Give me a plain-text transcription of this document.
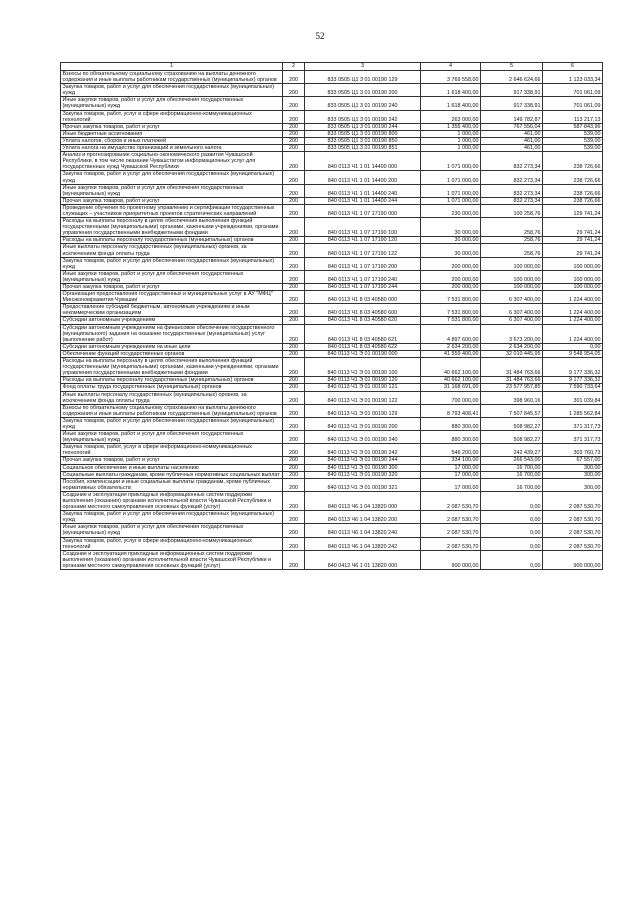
52
1	2	3	4	5	6
Взносы по обязательному социальному страхованию на выплаты денежного содержания и иные выплаты работникам государственных (муниципальных) органов	200	833 0505 Ц1 3 01 00190 129	3 769 558,00	2 646 624,66	1 123 033,34
Закупка товаров, работ и услуг для обеспечения государственных (муниципальных) нужд	200	833 0505 Ц1 3 01 00190 200	1 618 400,00	917 338,91	701 061,09
Иные закупки товаров, работ и услуг для обеспечения государственных (муниципальных) нужд	200	833 0505 Ц1 3 01 00190 240	1 618 400,00	917 338,91	701 061,09
Закупка товаров, работ, услуг в сфере информационно-коммуникационных технологий	200	833 0505 Ц1 3 01 00190 242	263 000,00	149 782,87	113 217,13
Прочая закупка товаров, работ и услуг	200	833 0505 Ц1 3 01 00190 244	1 355 400,00	767 556,04	587 843,96
Иные бюджетные ассигнования	200	833 0505 Ц1 3 01 00190 800	1 000,00	461,00	539,00
Уплата налогов, сборов и иных платежей	200	833 0505 Ц1 3 01 00190 850	1 000,00	461,00	539,00
Уплата налога на имущество организаций и земельного налога	200	833 0505 Ц1 3 01 00190 851	1 000,00	461,00	539,00
Анализ и прогнозирование социально-экономического развития Чувашской Республики, в том числе оказание Чувашстатом информационных услуг для государственных нужд Чувашской Республики	200	840 0113 Ч1 1 01 14400 000	1 071 000,00	832 273,34	238 726,66
Закупка товаров, работ и услуг для обеспечения государственных (муниципальных) нужд	200	840 0113 Ч1 1 01 14400 200	1 071 000,00	832 273,34	238 726,66
Иные закупки товаров, работ и услуг для обеспечения государственных (муниципальных) нужд	200	840 0113 Ч1 1 01 14400 240	1 071 000,00	832 273,34	238 726,66
Прочая закупка товаров, работ и услуг	200	840 0113 Ч1 1 01 14400 244	1 071 000,00	832 273,34	238 726,66
Проведение обучения по проектному управлению и сертификации государственных служащих – участников приоритетных проектов стратегических направлений	200	840 0113 Ч1 1 07 17190 000	230 000,00	100 258,76	129 741,24
Расходы на выплаты персоналу в целях обеспечения выполнения функций государственными (муниципальными) органами, казенными учреждениями, органами управления государственными внебюджетными фондами	200	840 0113 Ч1 1 07 17190 100	30 000,00	258,76	29 741,24
Расходы на выплаты персоналу государственных (муниципальных) органов	200	840 0113 Ч1 1 07 17190 120	30 000,00	258,76	29 741,24
Иные выплаты персоналу государственных (муниципальных) органов, за исключением фонда оплаты труда	200	840 0113 Ч1 1 07 17190 122	30 000,00	258,76	29 741,24
Закупка товаров, работ и услуг для обеспечения государственных (муниципальных) нужд	200	840 0113 Ч1 1 07 17190 200	200 000,00	100 000,00	100 000,00
Иные закупки товаров, работ и услуг для обеспечения государственных (муниципальных) нужд	200	840 0113 Ч1 1 07 17190 240	200 000,00	100 000,00	100 000,00
Прочая закупка товаров, работ и услуг	200	840 0113 Ч1 1 07 17190 244	200 000,00	100 000,00	100 000,00
Организация предоставления государственных и муниципальных услуг в АУ "МФЦ" Минэкономразвития Чувашии	200	840 0113 Ч1 8 03 40580 000	7 531 800,00	6 307 400,00	1 224 400,00
Предоставление субсидий бюджетным, автономным учреждениям и иным некоммерческим организациям	200	840 0113 Ч1 8 03 40580 600	7 531 800,00	6 307 400,00	1 224 400,00
Субсидии автономным учреждениям	200	840 0113 Ч1 8 03 40580 620	7 531 800,00	6 307 400,00	1 224 400,00
Субсидии автономным учреждениям на финансовое обеспечение государственного (муниципального) задания на оказание государственных (муниципальных) услуг (выполнение работ)	200	840 0113 Ч1 8 03 40580 621	4 897 600,00	3 673 200,00	1 224 400,00
Субсидии автономным учреждениям на иные цели	200	840 0113 Ч1 8 03 40580 622	2 634 200,00	2 634 200,00	0,00
Обеспечение функций государственных органов	200	840 0113 Ч1 Э 01 00190 000	41 559 400,00	32 010 445,95	9 548 954,05
Расходы на выплаты персоналу в целях обеспечения выполнения функций государственными (муниципальными) органами, казенными учреждениями, органами управления государственными внебюджетными фондами	200	840 0113 Ч1 Э 01 00190 100	40 662 100,00	31 484 763,66	9 177 336,32
Расходы на выплаты персоналу государственных (муниципальных) органов	200	840 0113 Ч1 Э 01 00190 120	40 662 100,00	31 484 763,66	9 177 336,32
Фонд оплаты труда государственных (муниципальных) органов	200	840 0113 Ч1 Э 01 00190 121	31 168 691,00	23 577 957,85	7 590 733,64
Иные выплаты персоналу государственных (муниципальных) органов, за исключением фонда оплаты труда	200	840 0113 Ч1 Э 01 00190 122	700 000,00	398 960,16	301 039,84
Взносы по обязательному социальному страхованию на выплаты денежного содержания и иные выплаты работникам государственных (муниципальных) органов	200	840 0113 Ч1 Э 01 00190 129	8 793 408,41	7 507 845,57	1 285 562,84
Закупка товаров, работ и услуг для обеспечения государственных (муниципальных) нужд	200	840 0113 Ч1 Э 01 00190 200	880 300,00	508 982,27	371 317,73
Иные закупки товаров, работ и услуг для обеспечения государственных (муниципальных) нужд	200	840 0113 Ч1 Э 01 00190 240	880 300,00	508 982,27	371 317,73
Закупка товаров, работ, услуг в сфере информационно-коммуникационных технологий	200	840 0113 Ч1 Э 01 00190 242	546 200,00	242 439,27	303 760,73
Прочая закупка товаров, работ и услуг	200	840 0113 Ч1 Э 01 00190 244	334 100,00	266 543,00	67 557,00
Социальное обеспечение и иные выплаты населению	200	840 0113 Ч1 Э 01 00190 300	17 000,00	16 700,00	300,00
Социальные выплаты гражданам, кроме публичных нормативных социальных выплат	200	840 0113 Ч1 Э 01 00190 320	17 000,00	16 700,00	300,00
Пособия, компенсации и иные социальные выплаты гражданам, кроме публичных нормативных обязательств	200	840 0113 Ч1 Э 01 00190 321	17 000,00	16 700,00	300,00
Создание и эксплуатация прикладных информационных систем поддержки выполнения (оказания) органами исполнительной власти Чувашской Республики и органами местного самоуправления основных функций (услуг)	200	840 0113 Ч6 1 04 13820 000	2 087 530,70	0,00	2 087 530,70
Закупка товаров, работ и услуг для обеспечения государственных (муниципальных) нужд	200	840 0113 Ч6 1 04 13820 200	2 087 530,70	0,00	2 087 530,70
Иные закупки товаров, работ и услуг для обеспечения государственных (муниципальных) нужд	200	840 0113 Ч6 1 04 13820 240	2 087 530,70	0,00	2 087 530,70
Закупка товаров, работ, услуг в сфере информационно-коммуникационных технологий	200	840 0113 Ч6 1 04 13820 242	2 087 530,70	0,00	2 087 530,70
Создание и эксплуатация прикладных информационных систем поддержки выполнения (оказания) органами исполнительной власти Чувашской Республики и органами местного самоуправления основных функций (услуг)	200	840 0412 Ч6 1 01 13820 000	900 000,00	0,00	900 000,00
